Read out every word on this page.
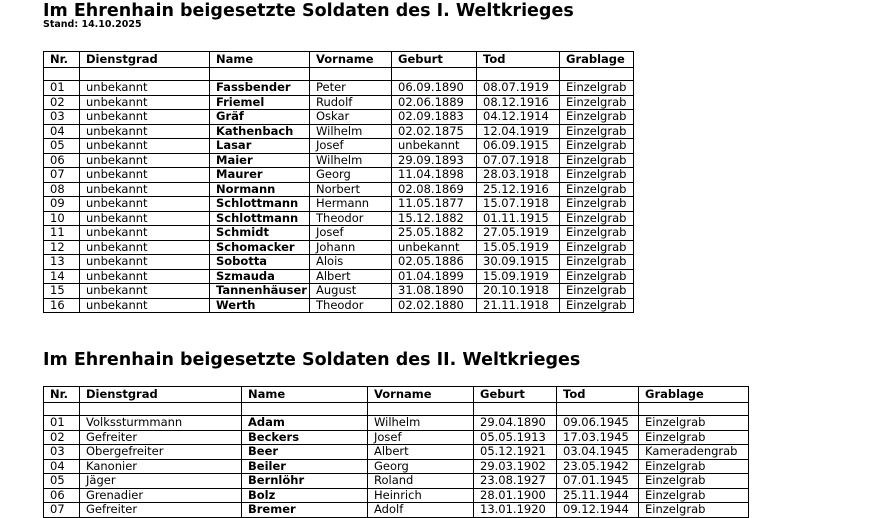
Im Ehrenhain beigesetzte Soldaten des I. Weltkrieges
Stand: 14.10.2025
Nr.	Dienstgrad	Name	Vorname	Geburt	Tod	Grablage

01	unbekannt	Fassbender	Peter	06.09.1890	08.07.1919	Einzelgrab
02	unbekannt	Friemel	Rudolf	02.06.1889	08.12.1916	Einzelgrab
03	unbekannt	Gräf	Oskar	02.09.1883	04.12.1914	Einzelgrab
04	unbekannt	Kathenbach	Wilhelm	02.02.1875	12.04.1919	Einzelgrab
05	unbekannt	Lasar	Josef	unbekannt	06.09.1915	Einzelgrab
06	unbekannt	Maier	Wilhelm	29.09.1893	07.07.1918	Einzelgrab
07	unbekannt	Maurer	Georg	11.04.1898	28.03.1918	Einzelgrab
08	unbekannt	Normann	Norbert	02.08.1869	25.12.1916	Einzelgrab
09	unbekannt	Schlottmann	Hermann	11.05.1877	15.07.1918	Einzelgrab
10	unbekannt	Schlottmann	Theodor	15.12.1882	01.11.1915	Einzelgrab
11	unbekannt	Schmidt	Josef	25.05.1882	27.05.1919	Einzelgrab
12	unbekannt	Schomacker	Johann	unbekannt	15.05.1919	Einzelgrab
13	unbekannt	Sobotta	Alois	02.05.1886	30.09.1915	Einzelgrab
14	unbekannt	Szmauda	Albert	01.04.1899	15.09.1919	Einzelgrab
15	unbekannt	Tannenhäuser	August	31.08.1890	20.10.1918	Einzelgrab
16	unbekannt	Werth	Theodor	02.02.1880	21.11.1918	Einzelgrab
Im Ehrenhain beigesetzte Soldaten des II. Weltkrieges
Nr.	Dienstgrad	Name	Vorname	Geburt	Tod	Grablage

01	Volkssturmmann	Adam	Wilhelm	29.04.1890	09.06.1945	Einzelgrab
02	Gefreiter	Beckers	Josef	05.05.1913	17.03.1945	Einzelgrab
03	Obergefreiter	Beer	Albert	05.12.1921	03.04.1945	Kameradengrab
04	Kanonier	Beiler	Georg	29.03.1902	23.05.1942	Einzelgrab
05	Jäger	Bernlöhr	Roland	23.08.1927	07.01.1945	Einzelgrab
06	Grenadier	Bolz	Heinrich	28.01.1900	25.11.1944	Einzelgrab
07	Gefreiter	Bremer	Adolf	13.01.1920	09.12.1944	Einzelgrab
